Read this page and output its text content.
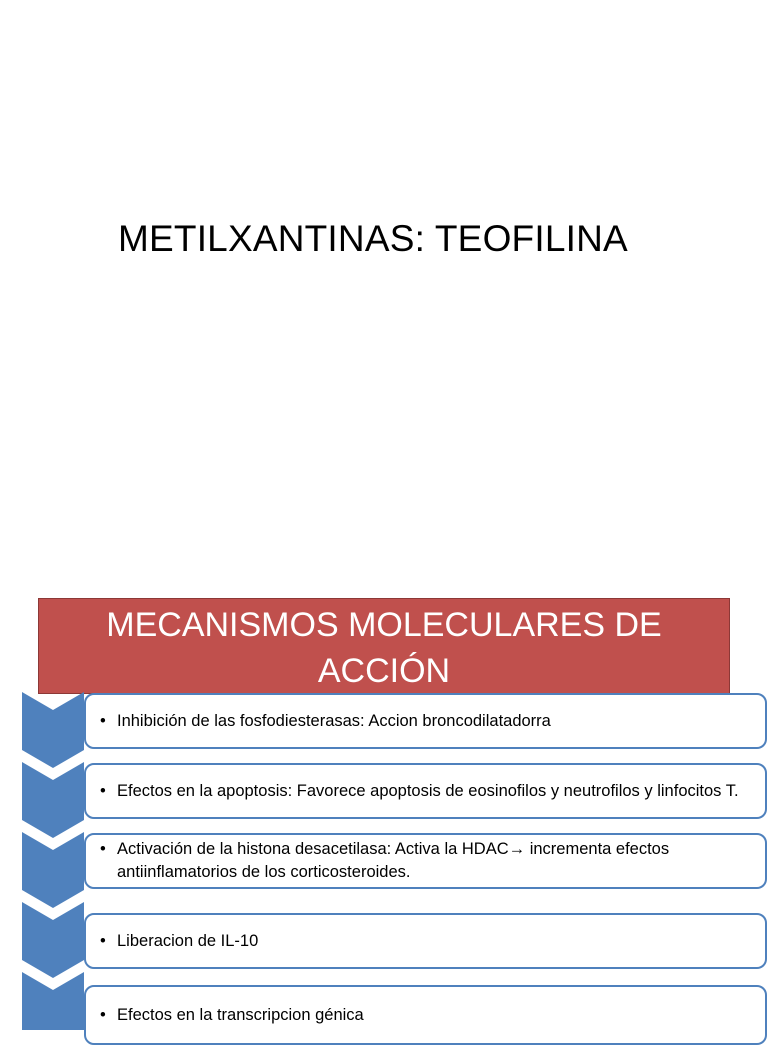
METILXANTINAS: TEOFILINA
MECANISMOS MOLECULARES DE
ACCIÓN
• Inhibición de las fosfodiesterasas: Accion broncodilatadorra
• Efectos en la apoptosis: Favorece apoptosis de eosinofilos y neutrofilos y linfocitos T.
• Activación de la histona desacetilasa: Activa la HDAC→ incrementa efectos antiinflamatorios de los corticosteroides.
• Liberacion de IL-10
• Efectos en la transcripcion génica
